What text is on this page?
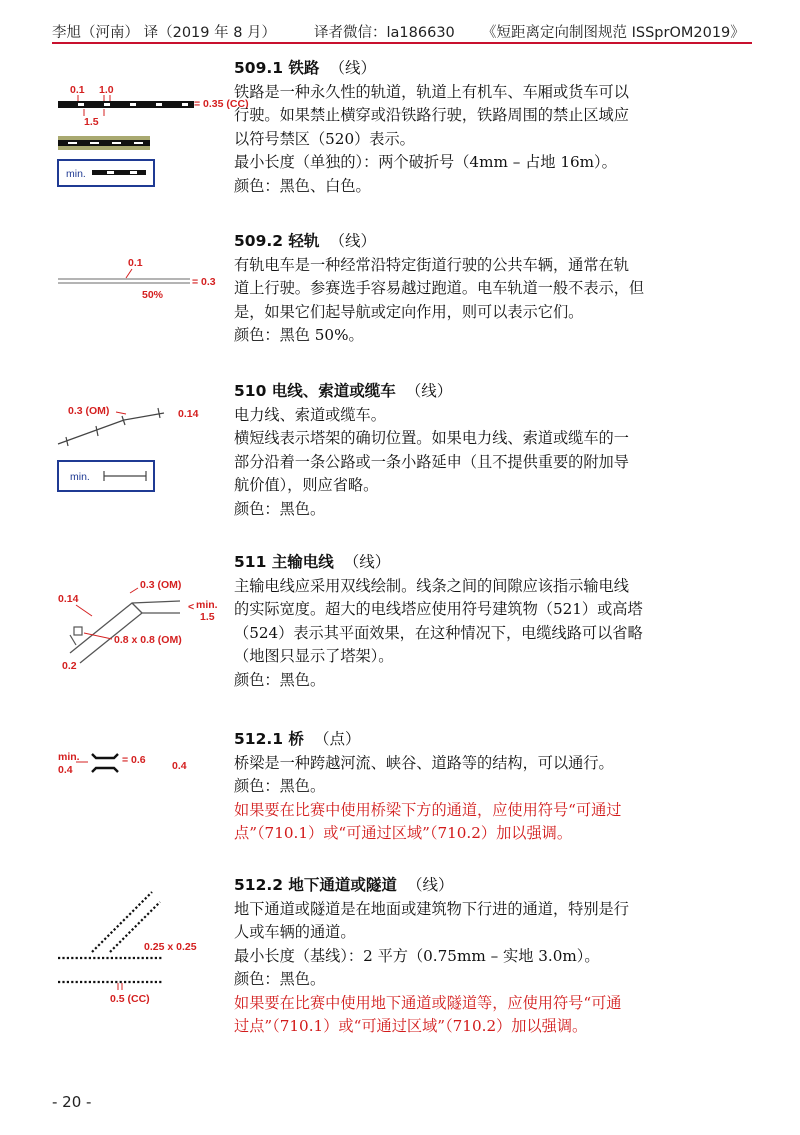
李旭（河南） 译（2019 年 8 月）	译者微信：la186630 《短距离定向制图规范 ISSprOM2019》
0.1 1.0
= 0.35 (CC)
1.5
min.

509.1 铁路 （线）

铁路是一种永久性的轨道，轨道上有机车、车厢或货车可以

行驶。如果禁止横穿或沿铁路行驶，铁路周围的禁止区域应

以符号禁区（520）表示。

最小长度（单独的）：两个破折号（4mm – 占地 16m）。

颜色：黑色、白色。

0.1
= 0.3
50%

509.2 轻轨 （线）

有轨电车是一种经常沿特定街道行驶的公共车辆，通常在轨

道上行驶。参赛选手容易越过跑道。电车轨道一般不表示，但

是，如果它们起导航或定向作用，则可以表示它们。

颜色：黑色 50%。

0.3 (OM)	0.14
min.

510 电线、索道或缆车 （线）

电力线、索道或缆车。

横短线表示塔架的确切位置。如果电力线、索道或缆车的一

部分沿着一条公路或一条小路延申（且不提供重要的附加导

航价值），则应省略。

颜色：黑色。

0.14
0.3 (OM)
< min.
1.5
0.8 x 0.8 (OM)
0.2

511 主输电线 （线）

主输电线应采用双线绘制。线条之间的间隙应该指示输电线

的实际宽度。超大的电线塔应使用符号建筑物（521）或高塔

（524）表示其平面效果，在这种情况下，电缆线路可以省略

（地图只显示了塔架）。

颜色：黑色。

min.
0.4
= 0.6	0.4

512.1 桥 （点）

桥梁是一种跨越河流、峡谷、道路等的结构，可以通行。

颜色：黑色。

如果要在比赛中使用桥梁下方的通道，应使用符号“可通过

点”（710.1）或“可通过区域”（710.2）加以强调。

0.25 x 0.25
0.5 (CC)

512.2 地下通道或隧道 （线）

地下通道或隧道是在地面或建筑物下行进的通道，特别是行

人或车辆的通道。

最小长度（基线）：2 平方（0.75mm – 实地 3.0m）。

颜色：黑色。

如果要在比赛中使用地下通道或隧道等，应使用符号“可通

过点”（710.1）或“可通过区域”（710.2）加以强调。

- 20 -
